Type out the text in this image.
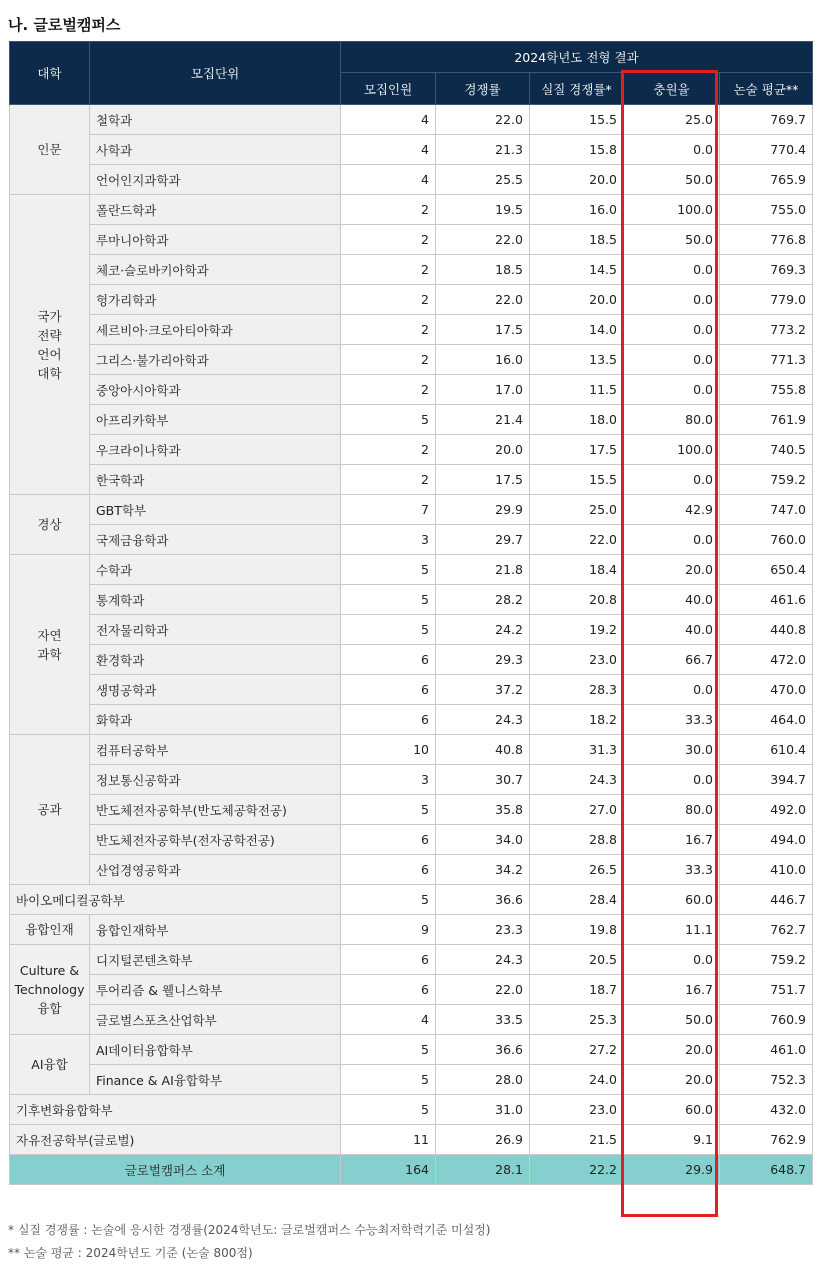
나. 글로벌캠퍼스
대학	모집단위	2024학년도 전형 결과				
		모집인원	경쟁률	실질 경쟁률*	충원율	논술 평균**
인문	철학과	4	22.0	15.5	25.0	769.7
	사학과	4	21.3	15.8	0.0	770.4
	언어인지과학과	4	25.5	20.0	50.0	765.9
국가
전략
언어
대학	폴란드학과	2	19.5	16.0	100.0	755.0
	루마니아학과	2	22.0	18.5	50.0	776.8
	체코·슬로바키아학과	2	18.5	14.5	0.0	769.3
	헝가리학과	2	22.0	20.0	0.0	779.0
	세르비아·크로아티아학과	2	17.5	14.0	0.0	773.2
	그리스·불가리아학과	2	16.0	13.5	0.0	771.3
	중앙아시아학과	2	17.0	11.5	0.0	755.8
	아프리카학부	5	21.4	18.0	80.0	761.9
	우크라이나학과	2	20.0	17.5	100.0	740.5
	한국학과	2	17.5	15.5	0.0	759.2
경상	GBT학부	7	29.9	25.0	42.9	747.0
	국제금융학과	3	29.7	22.0	0.0	760.0
자연
과학	수학과	5	21.8	18.4	20.0	650.4
	통계학과	5	28.2	20.8	40.0	461.6
	전자물리학과	5	24.2	19.2	40.0	440.8
	환경학과	6	29.3	23.0	66.7	472.0
	생명공학과	6	37.2	28.3	0.0	470.0
	화학과	6	24.3	18.2	33.3	464.0
공과	컴퓨터공학부	10	40.8	31.3	30.0	610.4
	정보통신공학과	3	30.7	24.3	0.0	394.7
	반도체전자공학부(반도체공학전공)	5	35.8	27.0	80.0	492.0
	반도체전자공학부(전자공학전공)	6	34.0	28.8	16.7	494.0
	산업경영공학과	6	34.2	26.5	33.3	410.0
바이오메디컬공학부		5	36.6	28.4	60.0	446.7
융합인재	융합인재학부	9	23.3	19.8	11.1	762.7
Culture &
Technology
융합	디지털콘텐츠학부	6	24.3	20.5	0.0	759.2
	투어리즘 & 웰니스학부	6	22.0	18.7	16.7	751.7
	글로벌스포츠산업학부	4	33.5	25.3	50.0	760.9
AI융합	AI데이터융합학부	5	36.6	27.2	20.0	461.0
	Finance & AI융합학부	5	28.0	24.0	20.0	752.3
기후변화융합학부		5	31.0	23.0	60.0	432.0
자유전공학부(글로벌)		11	26.9	21.5	9.1	762.9
글로벌캠퍼스 소계		164	28.1	22.2	29.9	648.7
* 실질 경쟁률 : 논술에 응시한 경쟁률(2024학년도: 글로벌캠퍼스 수능최저학력기준 미설정)
** 논술 평균 : 2024학년도 기준 (논술 800점)
